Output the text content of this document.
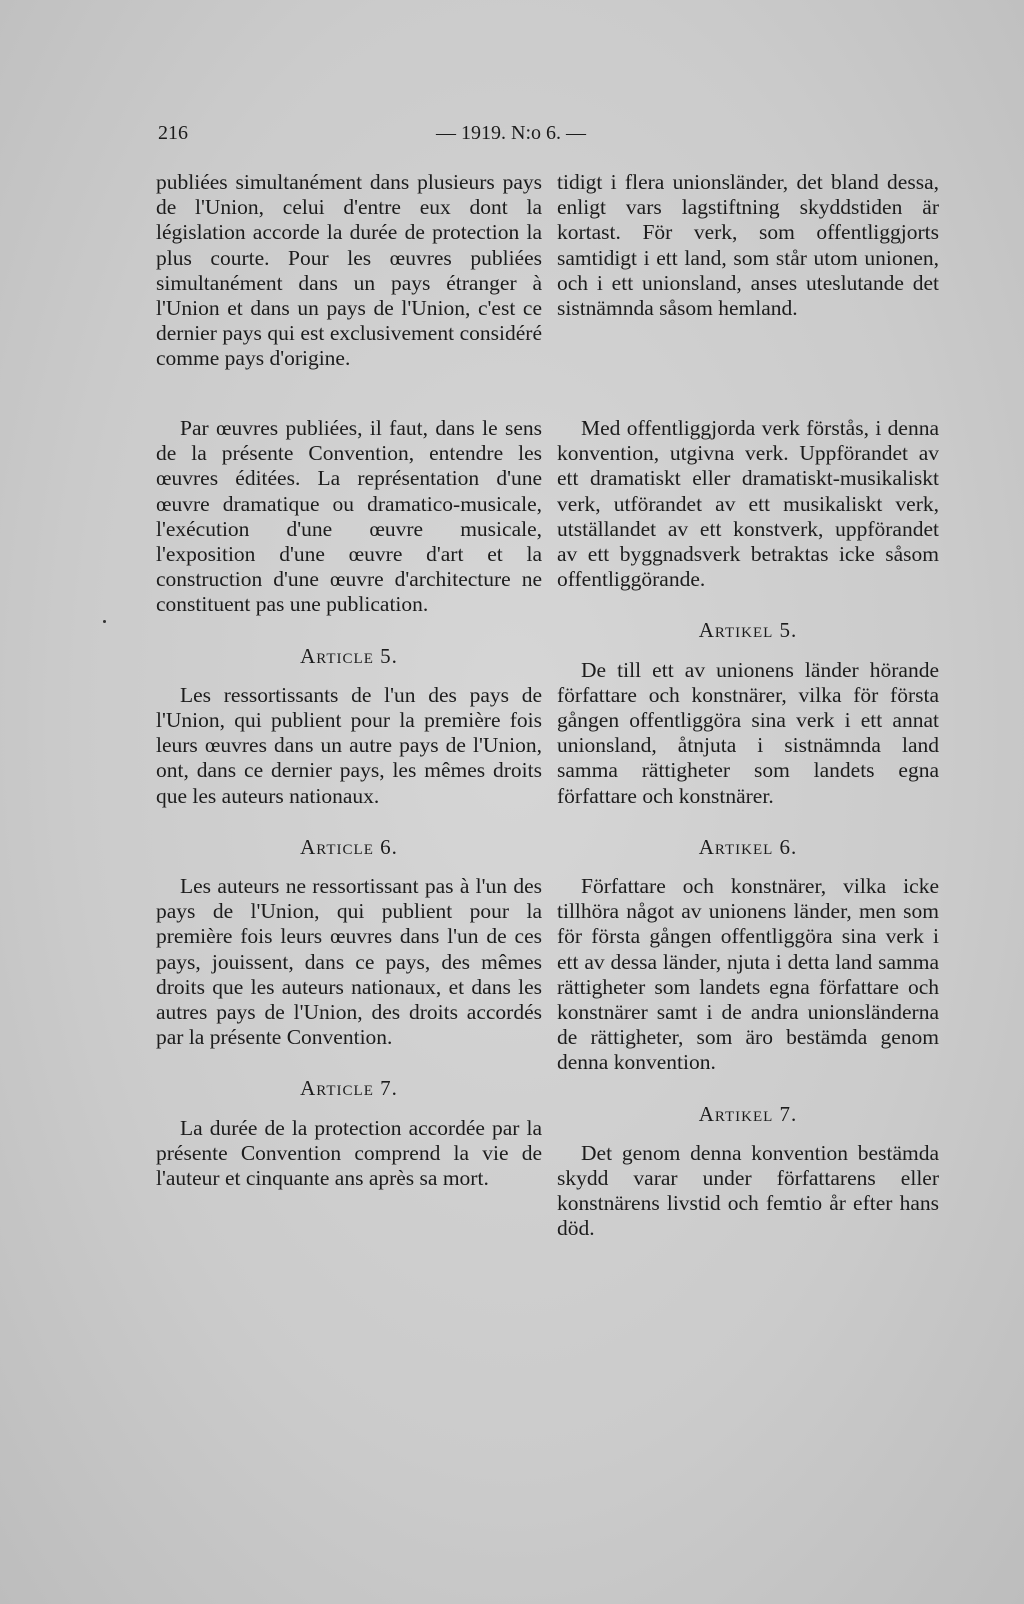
216	— 1919. N:o 6. —

publiées simultanément dans plusieurs pays de l'Union, celui d'entre eux dont la législation accorde la durée de protection la plus courte. Pour les œuvres publiées simultanément dans un pays étranger à l'Union et dans un pays de l'Union, c'est ce dernier pays qui est exclusivement considéré comme pays d'origine.

Par œuvres publiées, il faut, dans le sens de la présente Convention, entendre les œuvres éditées. La représentation d'une œuvre dramatique ou dramatico-musicale, l'exécution d'une œuvre musicale, l'exposition d'une œuvre d'art et la construction d'une œuvre d'architecture ne constituent pas une publication.

Article 5.

Les ressortissants de l'un des pays de l'Union, qui publient pour la première fois leurs œuvres dans un autre pays de l'Union, ont, dans ce dernier pays, les mêmes droits que les auteurs nationaux.

Article 6.

Les auteurs ne ressortissant pas à l'un des pays de l'Union, qui publient pour la première fois leurs œuvres dans l'un de ces pays, jouissent, dans ce pays, des mêmes droits que les auteurs nationaux, et dans les autres pays de l'Union, des droits accordés par la présente Convention.

Article 7.

La durée de la protection accordée par la présente Convention comprend la vie de l'auteur et cinquante ans après sa mort.

tidigt i flera unionsländer, det bland dessa, enligt vars lagstiftning skyddstiden är kortast. För verk, som offentliggjorts samtidigt i ett land, som står utom unionen, och i ett unionsland, anses uteslutande det sistnämnda såsom hemland.

Med offentliggjorda verk förstås, i denna konvention, utgivna verk. Uppförandet av ett dramatiskt eller dramatiskt-musikaliskt verk, utförandet av ett musikaliskt verk, utställandet av ett konstverk, uppförandet av ett byggnadsverk betraktas icke såsom offentliggörande.

Artikel 5.

De till ett av unionens länder hörande författare och konstnärer, vilka för första gången offentliggöra sina verk i ett annat unionsland, åtnjuta i sistnämnda land samma rättigheter som landets egna författare och konstnärer.

Artikel 6.

Författare och konstnärer, vilka icke tillhöra något av unionens länder, men som för första gången offentliggöra sina verk i ett av dessa länder, njuta i detta land samma rättigheter som landets egna författare och konstnärer samt i de andra unionsländerna de rättigheter, som äro bestämda genom denna konvention.

Artikel 7.

Det genom denna konvention bestämda skydd varar under författarens eller konstnärens livstid och femtio år efter hans död.
